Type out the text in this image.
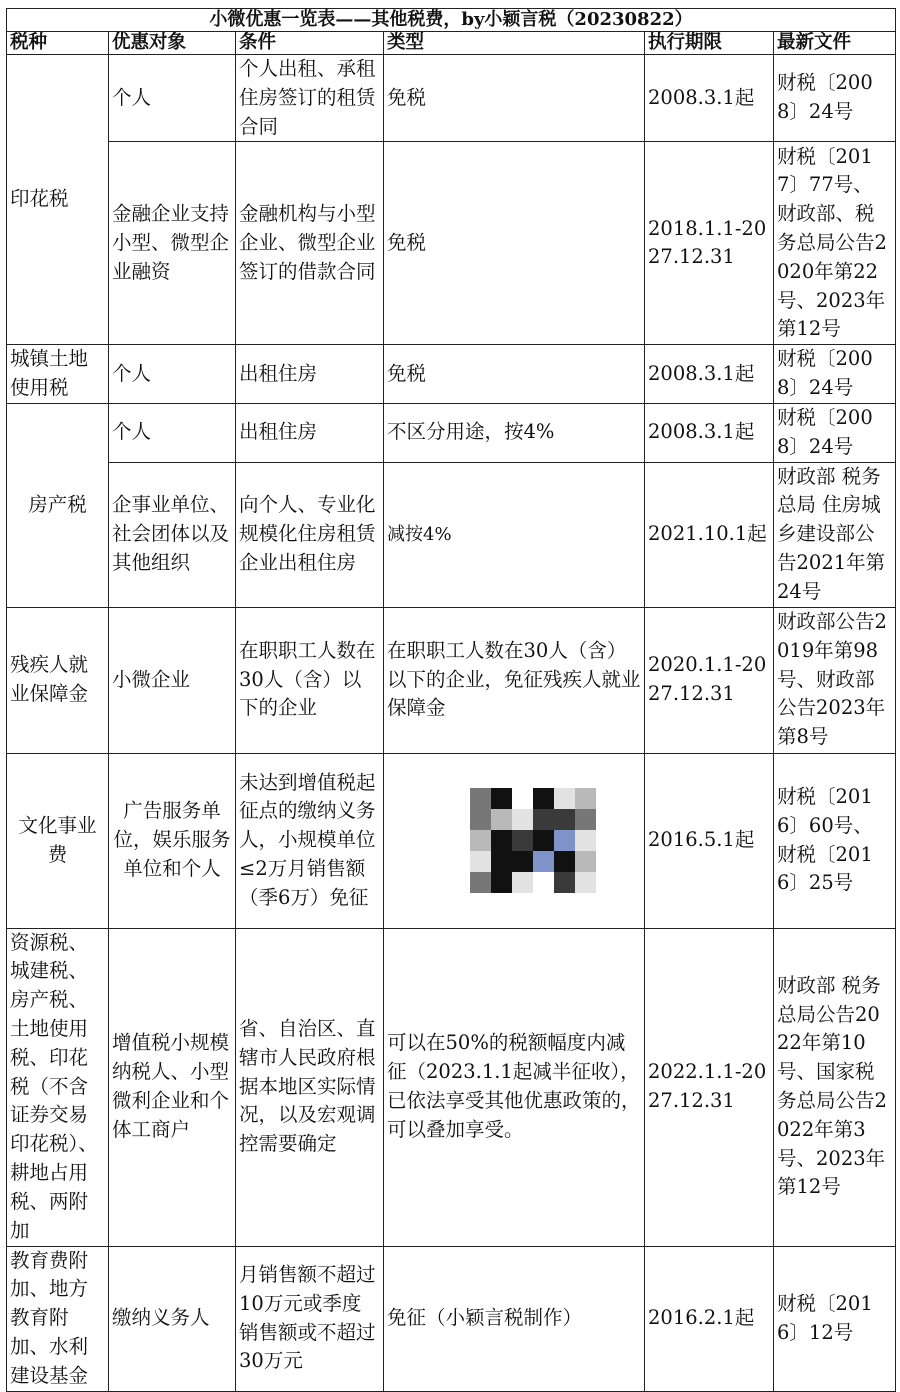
小微优惠一览表——其他税费，by小颖言税（20230822）					
税种	优惠对象	条件	类型	执行期限	最新文件
印花税	个人	个人出租、承租住房签订的租赁合同	免税	2008.3.1起	财税〔2008〕24号
	金融企业支持小型、微型企业融资	金融机构与小型企业、微型企业签订的借款合同	免税	2018.1.1-2027.12.31	财税〔2017〕77号、财政部、税务总局公告2020年第22号、2023年第12号
城镇土地使用税	个人	出租住房	免税	2008.3.1起	财税〔2008〕24号
房产税	个人	出租住房	不区分用途，按4%	2008.3.1起	财税〔2008〕24号
	企事业单位、社会团体以及其他组织	向个人、专业化规模化住房租赁企业出租住房	减按4%	2021.10.1起	财政部 税务总局 住房城乡建设部公告2021年第24号
残疾人就业保障金	小微企业	在职职工人数在30人（含）以下的企业	在职职工人数在30人（含）以下的企业，免征残疾人就业保障金	2020.1.1-2027.12.31	财政部公告2019年第98号、财政部公告2023年第8号
文化事业费	广告服务单位，娱乐服务单位和个人	未达到增值税起征点的缴纳义务人，小规模单位≤2万月销售额（季6万）免征		2016.5.1起	财税〔2016〕60号、财税〔2016〕25号
资源税、城建税、房产税、土地使用税、印花税（不含证券交易印花税）、耕地占用税、两附加	增值税小规模纳税人、小型微利企业和个体工商户	省、自治区、直辖市人民政府根据本地区实际情况，以及宏观调控需要确定	可以在50%的税额幅度内减征（2023.1.1起减半征收），已依法享受其他优惠政策的，可以叠加享受。	2022.1.1-2027.12.31	财政部 税务总局公告2022年第10号、国家税务总局公告2022年第3号、2023年第12号
教育费附加、地方教育附加、水利建设基金	缴纳义务人	月销售额不超过10万元或季度销售额或不超过30万元	免征（小颖言税制作）	2016.2.1起	财税〔2016〕12号
